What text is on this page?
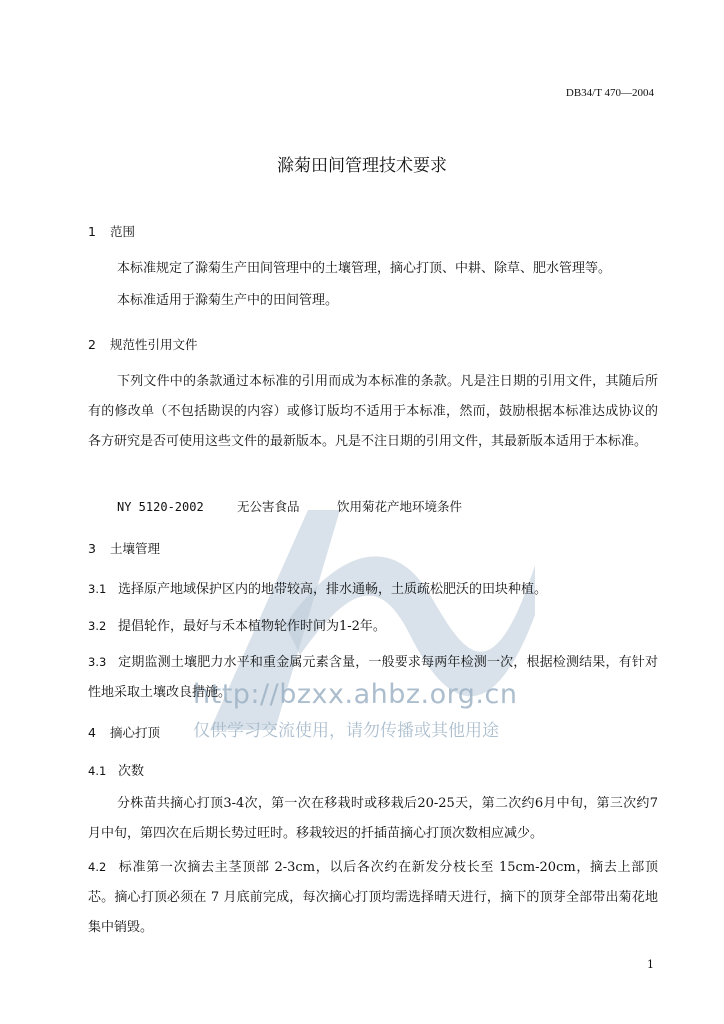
http://bzxx.ahbz.org.cn
仅供学习交流使用，请勿传播或其他用途
DB34/T 470—2004
滁菊田间管理技术要求
1 范围
本标准规定了滁菊生产田间管理中的土壤管理，摘心打顶、中耕、除草、肥水管理等。
本标准适用于滁菊生产中的田间管理。
2 规范性引用文件
下列文件中的条款通过本标准的引用而成为本标准的条款。凡是注日期的引用文件，其随后所有的修改单（不包括勘误的内容）或修订版均不适用于本标准，然而，鼓励根据本标准达成协议的各方研究是否可使用这些文件的最新版本。凡是不注日期的引用文件，其最新版本适用于本标准。
NY 5120-2002	无公害食品	饮用菊花产地环境条件
3 土壤管理
3.1 选择原产地域保护区内的地带较高，排水通畅，土质疏松肥沃的田块种植。
3.2 提倡轮作，最好与禾本植物轮作时间为1-2年。
3.3 定期监测土壤肥力水平和重金属元素含量，一般要求每两年检测一次，根据检测结果，有针对性地采取土壤改良措施。
4 摘心打顶
4.1 次数
分株苗共摘心打顶3-4次，第一次在移栽时或移栽后20-25天，第二次约6月中旬，第三次约7月中旬，第四次在后期长势过旺时。移栽较迟的扦插苗摘心打顶次数相应减少。
4.2 标准第一次摘去主茎顶部 2-3cm，以后各次约在新发分枝长至 15cm-20cm，摘去上部顶芯。摘心打顶必须在 7 月底前完成，每次摘心打顶均需选择晴天进行，摘下的顶芽全部带出菊花地集中销毁。
1
